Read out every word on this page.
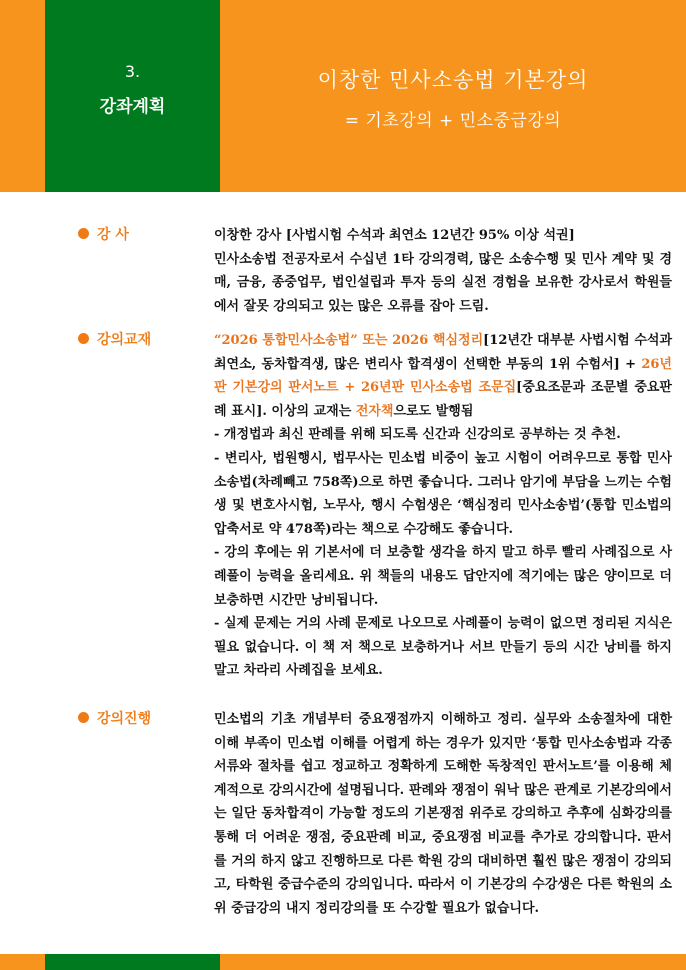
3.
강좌계획
이창한 민사소송법 기본강의
= 기초강의 + 민소중급강의
강 사	이창한 강사 [사법시험 수석과 최연소 12년간 95% 이상 석권]

민사소송법 전공자로서 수십년 1타 강의경력, 많은 소송수행 및 민사 계약 및 경매, 금융, 종중업무, 법인설립과 투자 등의 실전 경험을 보유한 강사로서 학원들에서 잘못 강의되고 있는 많은 오류를 잡아 드림.

강의교재	“2026 통합민사소송법” 또는 2026 핵심정리[12년간 대부분 사법시험 수석과 최연소, 동차합격생, 많은 변리사 합격생이 선택한 부동의 1위 수험서] + 26년판 기본강의 판서노트 + 26년판 민사소송법 조문집[중요조문과 조문별 중요판례 표시]. 이상의 교재는 전자책으로도 발행됨

- 개정법과 최신 판례를 위해 되도록 신간과 신강의로 공부하는 것 추천.

- 변리사, 법원행시, 법무사는 민소법 비중이 높고 시험이 어려우므로 통합 민사소송법(차례빼고 758쪽)으로 하면 좋습니다. 그러나 암기에 부담을 느끼는 수험생 및 변호사시험, 노무사, 행시 수험생은 ‘핵심정리 민사소송법’(통합 민소법의 압축서로 약 478쪽)라는 책으로 수강해도 좋습니다.

- 강의 후에는 위 기본서에 더 보충할 생각을 하지 말고 하루 빨리 사례집으로 사례풀이 능력을 올리세요. 위 책들의 내용도 답안지에 적기에는 많은 양이므로 더 보충하면 시간만 낭비됩니다.

- 실제 문제는 거의 사례 문제로 나오므로 사례풀이 능력이 없으면 정리된 지식은 필요 없습니다. 이 책 저 책으로 보충하거나 서브 만들기 등의 시간 낭비를 하지 말고 차라리 사례집을 보세요.

강의진행	민소법의 기초 개념부터 중요쟁점까지 이해하고 정리. 실무와 소송절차에 대한 이해 부족이 민소법 이해를 어렵게 하는 경우가 있지만 ‘통합 민사소송법과 각종 서류와 절차를 쉽고 정교하고 정확하게 도해한 독창적인 판서노트’를 이용해 체계적으로 강의시간에 설명됩니다. 판례와 쟁점이 워낙 많은 관계로 기본강의에서는 일단 동차합격이 가능할 정도의 기본쟁점 위주로 강의하고 추후에 심화강의를 통해 더 어려운 쟁점, 중요판례 비교, 중요쟁점 비교를 추가로 강의합니다. 판서를 거의 하지 않고 진행하므로 다른 학원 강의 대비하면 훨씬 많은 쟁점이 강의되고, 타학원 중급수준의 강의입니다. 따라서 이 기본강의 수강생은 다른 학원의 소위 중급강의 내지 정리강의를 또 수강할 필요가 없습니다.
